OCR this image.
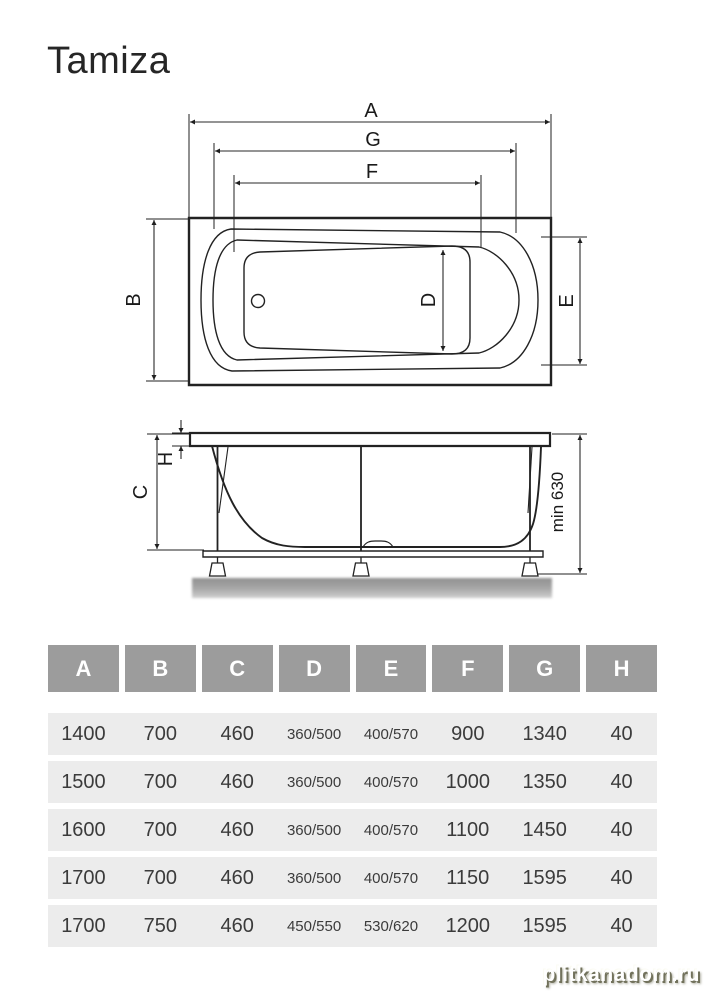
Tamiza
A
G
F
B	E
D
H
C	min 630
A	B	C	D	E	F	G	H
1400	700	460	360/500	400/570	900	1340	40
1500	700	460	360/500	400/570	1000	1350	40
1600	700	460	360/500	400/570	1100	1450	40
1700	700	460	360/500	400/570	1150	1595	40
1700	750	460	450/550	530/620	1200	1595	40
plitkanadom.ru
